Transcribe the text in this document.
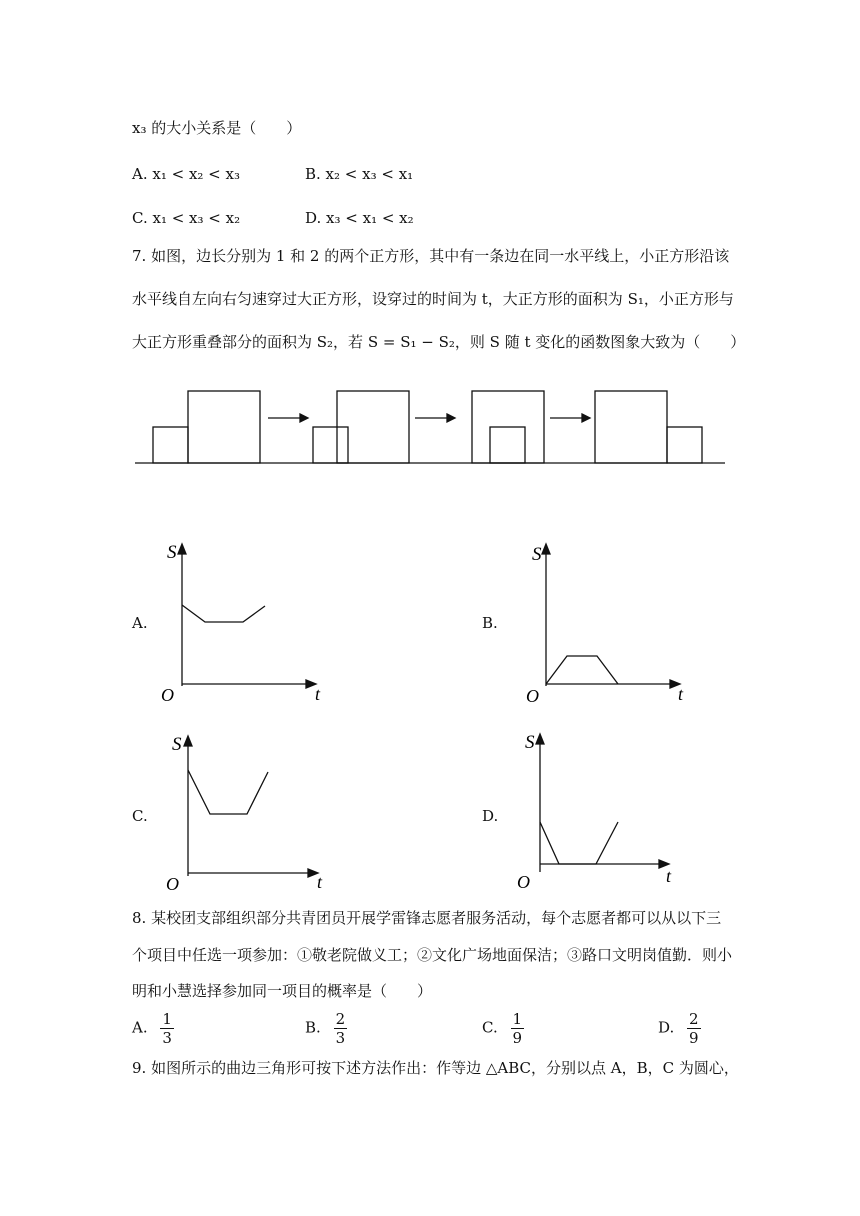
x₃ 的大小关系是（　　）
A. x₁ < x₂ < x₃	B. x₂ < x₃ < x₁
C. x₁ < x₃ < x₂	D. x₃ < x₁ < x₂
7. 如图，边长分别为 1 和 2 的两个正方形，其中有一条边在同一水平线上，小正方形沿该
水平线自左向右匀速穿过大正方形，设穿过的时间为 t，大正方形的面积为 S₁，小正方形与
大正方形重叠部分的面积为 S₂，若 S = S₁ − S₂，则 S 随 t 变化的函数图象大致为（　　）
A.
S
O	t
B.
S
O	t
C.
S
O	t
D.
S
O	t
8. 某校团支部组织部分共青团员开展学雷锋志愿者服务活动，每个志愿者都可以从以下三
个项目中任选一项参加：①敬老院做义工；②文化广场地面保洁；③路口文明岗值勤．则小
明和小慧选择参加同一项目的概率是（　　）
A. $\frac{1}{3}$	B. $\frac{2}{3}$	C. $\frac{1}{9}$	D. $\frac{2}{9}$
9. 如图所示的曲边三角形可按下述方法作出：作等边 △ABC，分别以点 A，B，C 为圆心，
